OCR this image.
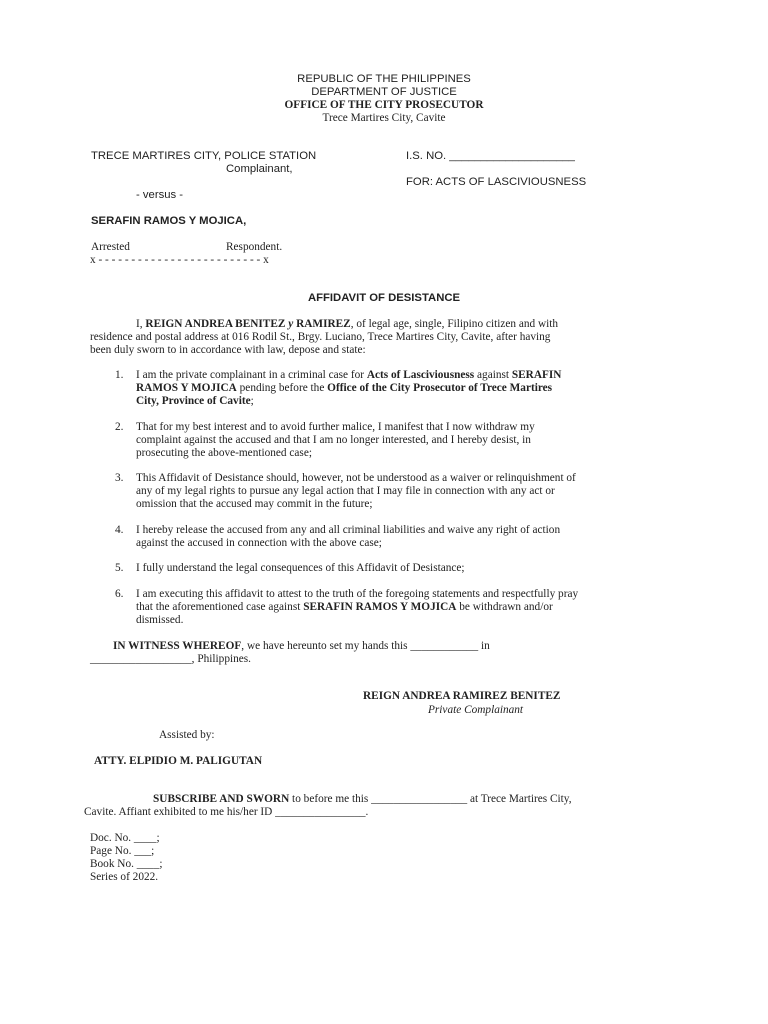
REPUBLIC OF THE PHILIPPINES
DEPARTMENT OF JUSTICE
OFFICE OF THE CITY PROSECUTOR
Trece Martires City, Cavite
TRECE MARTIRES CITY, POLICE STATION
Complainant,
I.S. NO. ____________________
FOR: ACTS OF LASCIVIOUSNESS
- versus -
SERAFIN RAMOS Y MOJICA,
Arrested	Respondent.
x - - - - - - - - - - - - - - - - - - - - - - - - - x
AFFIDAVIT OF DESISTANCE
I, REIGN ANDREA BENITEZ y RAMIREZ, of legal age, single, Filipino citizen and with
residence and postal address at 016 Rodil St., Brgy. Luciano, Trece Martires City, Cavite, after having
been duly sworn to in accordance with law, depose and state:
1. I am the private complainant in a criminal case for Acts of Lasciviousness against SERAFIN
RAMOS Y MOJICA pending before the Office of the City Prosecutor of Trece Martires
City, Province of Cavite;
2. That for my best interest and to avoid further malice, I manifest that I now withdraw my
complaint against the accused and that I am no longer interested, and I hereby desist, in
prosecuting the above-mentioned case;
3. This Affidavit of Desistance should, however, not be understood as a waiver or relinquishment of
any of my legal rights to pursue any legal action that I may file in connection with any act or
omission that the accused may commit in the future;
4. I hereby release the accused from any and all criminal liabilities and waive any right of action
against the accused in connection with the above case;
5. I fully understand the legal consequences of this Affidavit of Desistance;
6. I am executing this affidavit to attest to the truth of the foregoing statements and respectfully pray
that the aforementioned case against SERAFIN RAMOS Y MOJICA be withdrawn and/or
dismissed.
IN WITNESS WHEREOF, we have hereunto set my hands this ____________ in
__________________, Philippines.
REIGN ANDREA RAMIREZ BENITEZ
Private Complainant
Assisted by:
ATTY. ELPIDIO M. PALIGUTAN
SUBSCRIBE AND SWORN to before me this _________________ at Trece Martires City,
Cavite. Affiant exhibited to me his/her ID ________________.
Doc. No. ____;
Page No. ___;
Book No. ____;
Series of 2022.
